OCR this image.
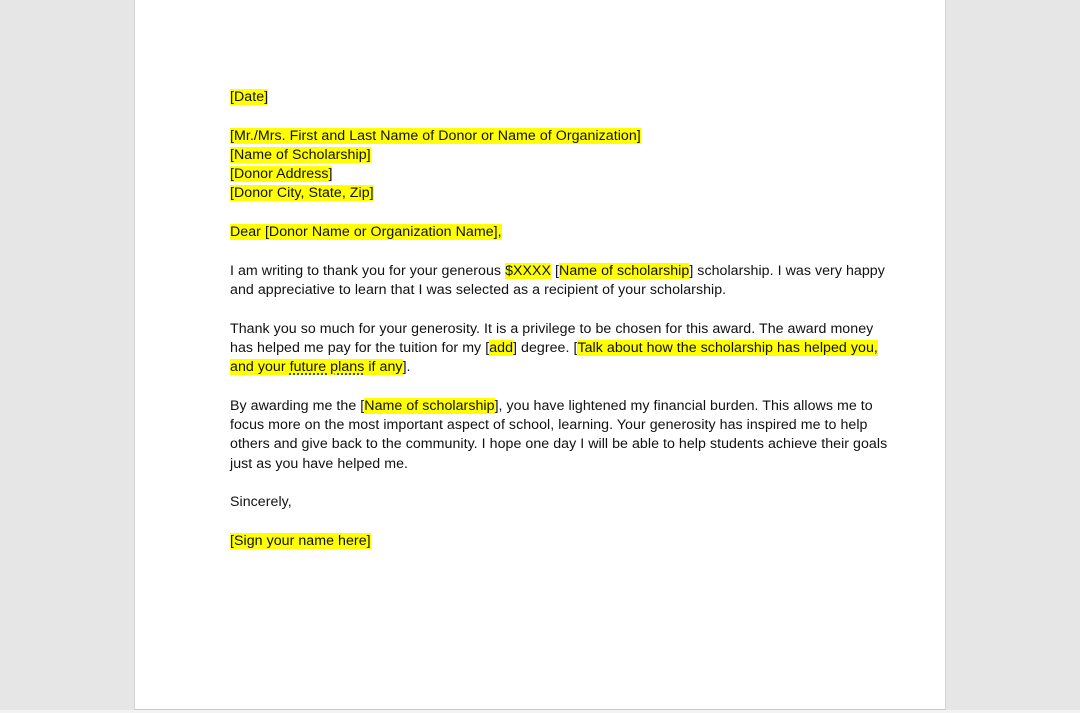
[Date]
[Mr./Mrs. First and Last Name of Donor or Name of Organization]
[Name of Scholarship]
[Donor Address]
[Donor City, State, Zip]
Dear [Donor Name or Organization Name],
I am writing to thank you for your generous $XXXX [Name of scholarship] scholarship. I was very happy
and appreciative to learn that I was selected as a recipient of your scholarship.
Thank you so much for your generosity. It is a privilege to be chosen for this award. The award money
has helped me pay for the tuition for my [add] degree. [Talk about how the scholarship has helped you,
and your future plans if any].
By awarding me the [Name of scholarship], you have lightened my financial burden. This allows me to
focus more on the most important aspect of school, learning. Your generosity has inspired me to help
others and give back to the community. I hope one day I will be able to help students achieve their goals
just as you have helped me.
Sincerely,
[Sign your name here]
